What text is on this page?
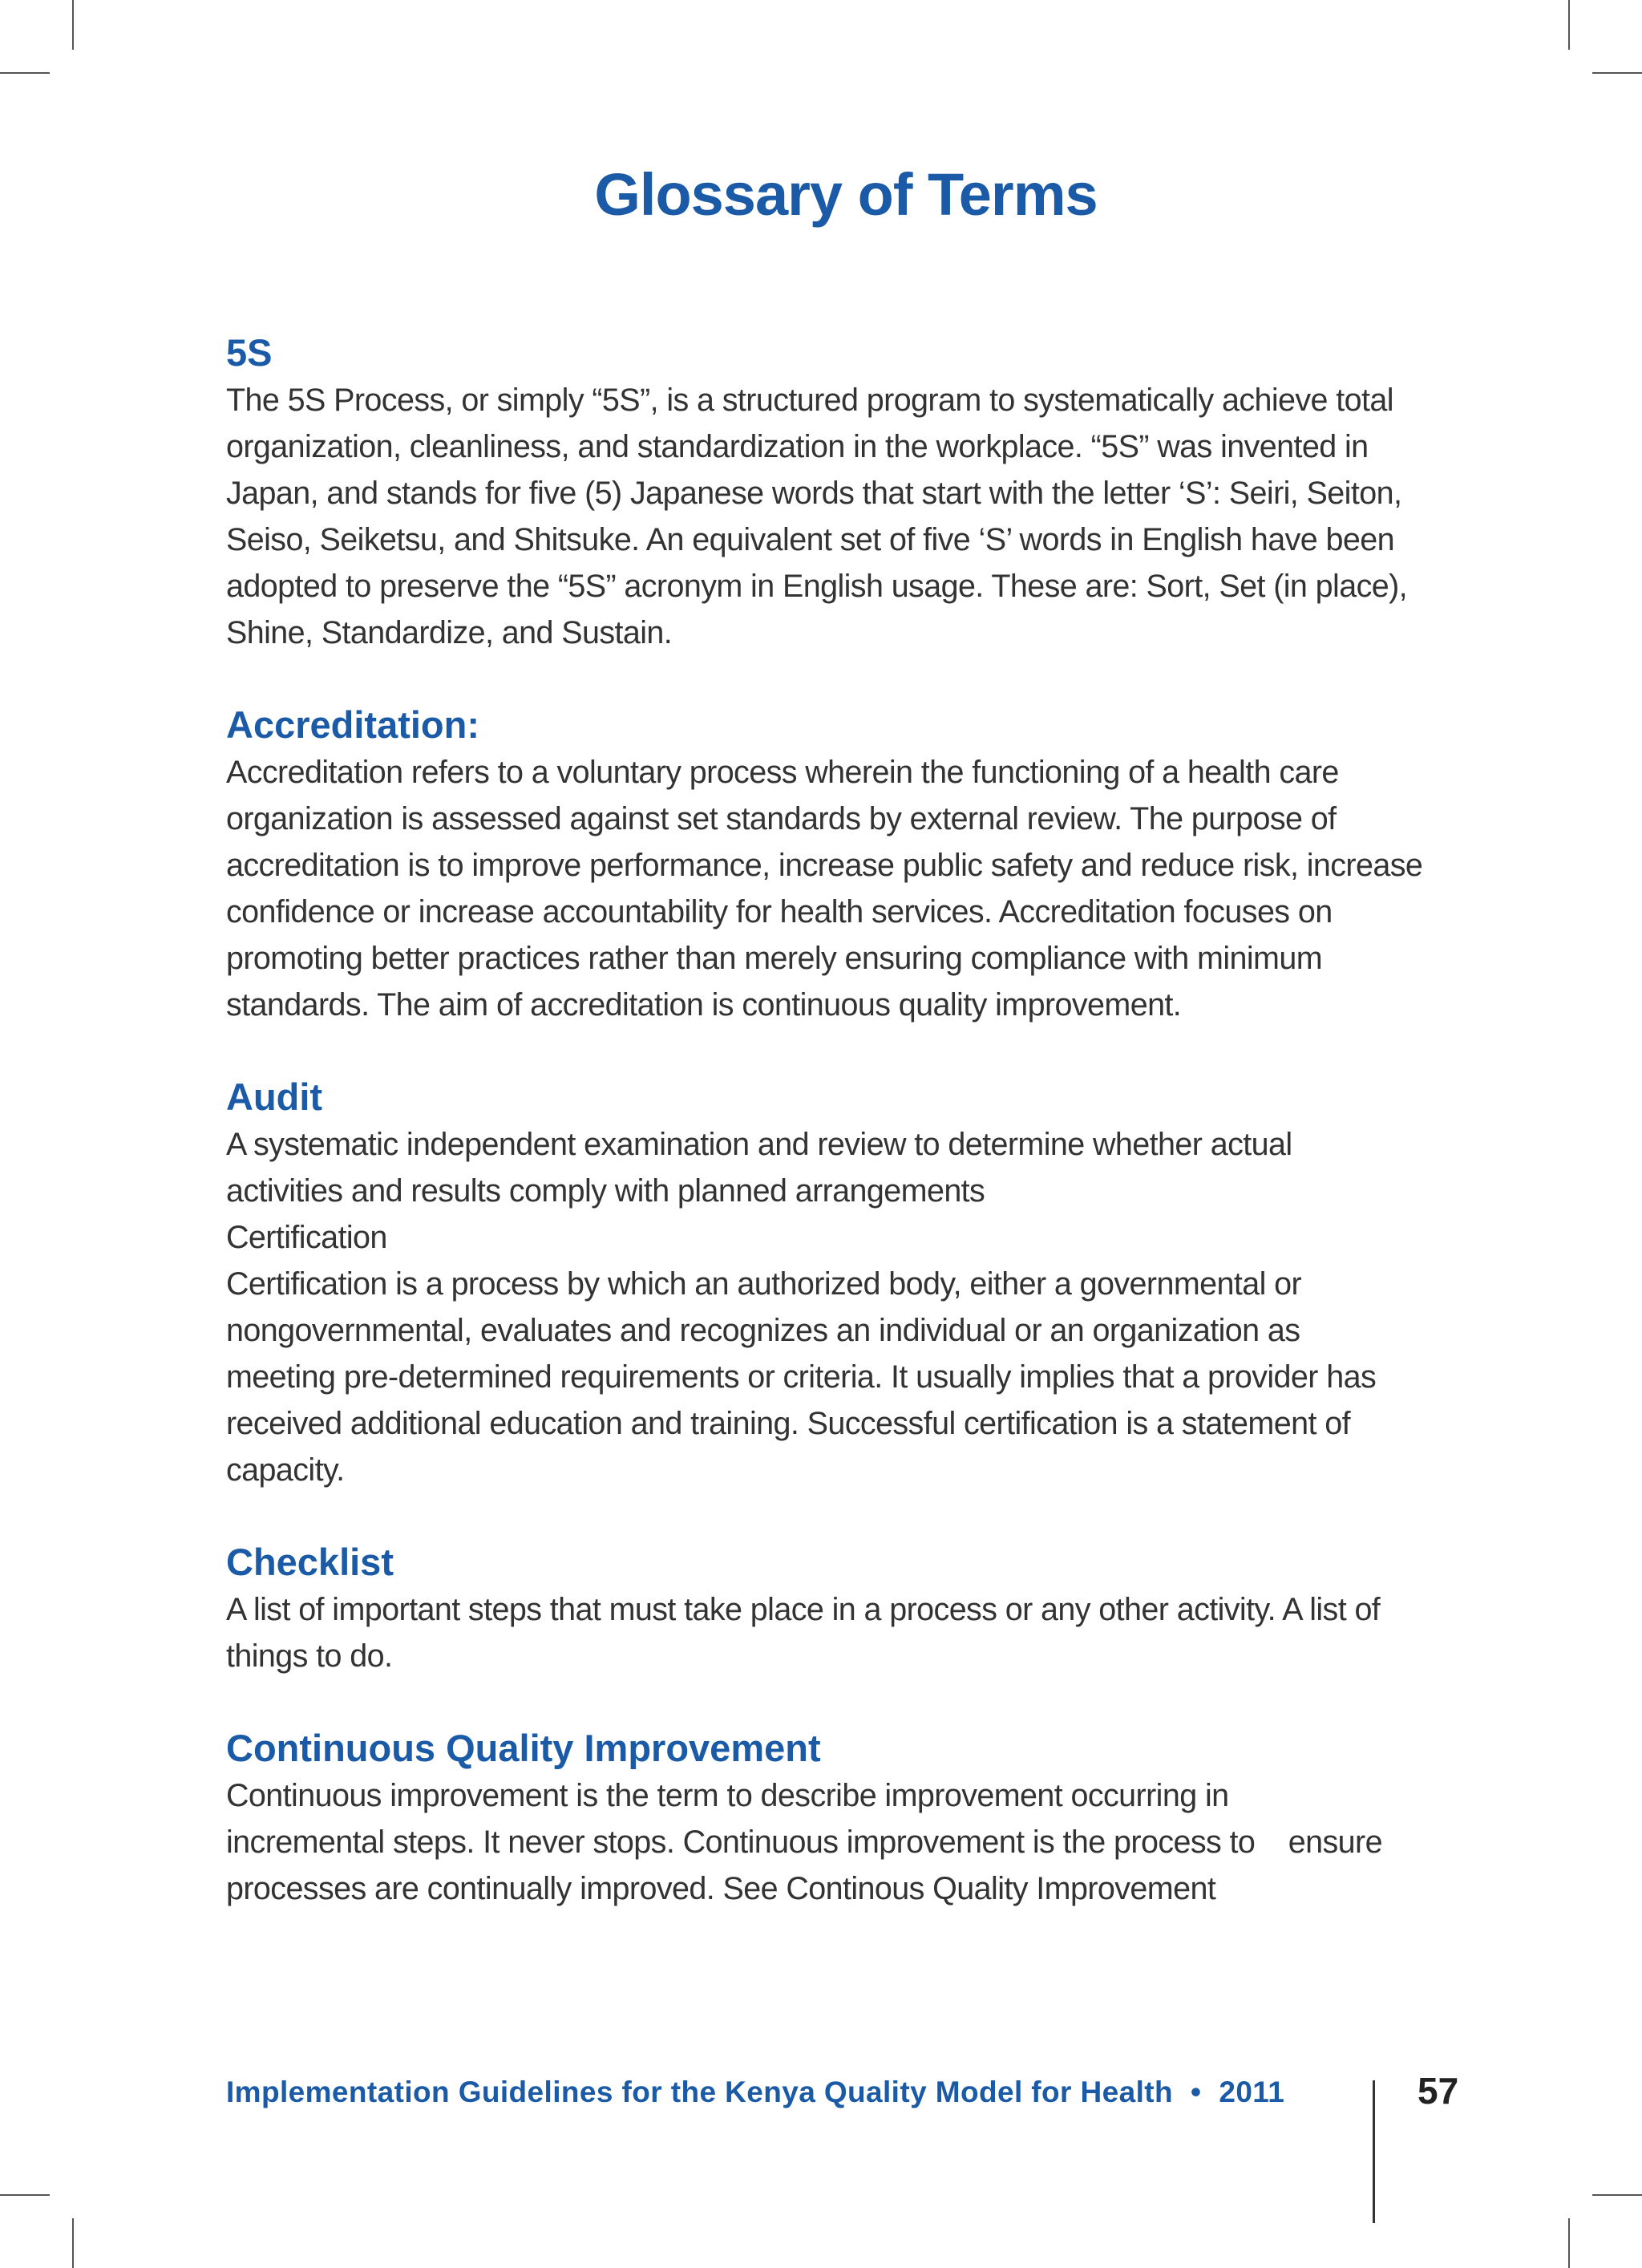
Glossary of Terms
5S
The 5S Process, or simply “5S”, is a structured program to systematically achieve total
organization, cleanliness, and standardization in the workplace. “5S” was invented in
Japan, and stands for five (5) Japanese words that start with the letter ‘S’: Seiri, Seiton,
Seiso, Seiketsu, and Shitsuke. An equivalent set of five ‘S’ words in English have been
adopted to preserve the “5S” acronym in English usage. These are: Sort, Set (in place),
Shine, Standardize, and Sustain.
Accreditation:
Accreditation refers to a voluntary process wherein the functioning of a health care
organization is assessed against set standards by external review. The purpose of
accreditation is to improve performance, increase public safety and reduce risk, increase
confidence or increase accountability for health services. Accreditation focuses on
promoting better practices rather than merely ensuring compliance with minimum
standards. The aim of accreditation is continuous quality improvement.
Audit
A systematic independent examination and review to determine whether actual
activities and results comply with planned arrangements
Certification
Certification is a process by which an authorized body, either a governmental or
nongovernmental, evaluates and recognizes an individual or an organization as
meeting pre-determined requirements or criteria. It usually implies that a provider has
received additional education and training. Successful certification is a statement of
capacity.
Checklist
A list of important steps that must take place in a process or any other activity. A list of
things to do.
Continuous Quality Improvement
Continuous improvement is the term to describe improvement occurring in
incremental steps. It never stops. Continuous improvement is the process to    ensure
processes are continually improved. See Continous Quality Improvement
Implementation Guidelines for the Kenya Quality Model for Health • 2011	57
